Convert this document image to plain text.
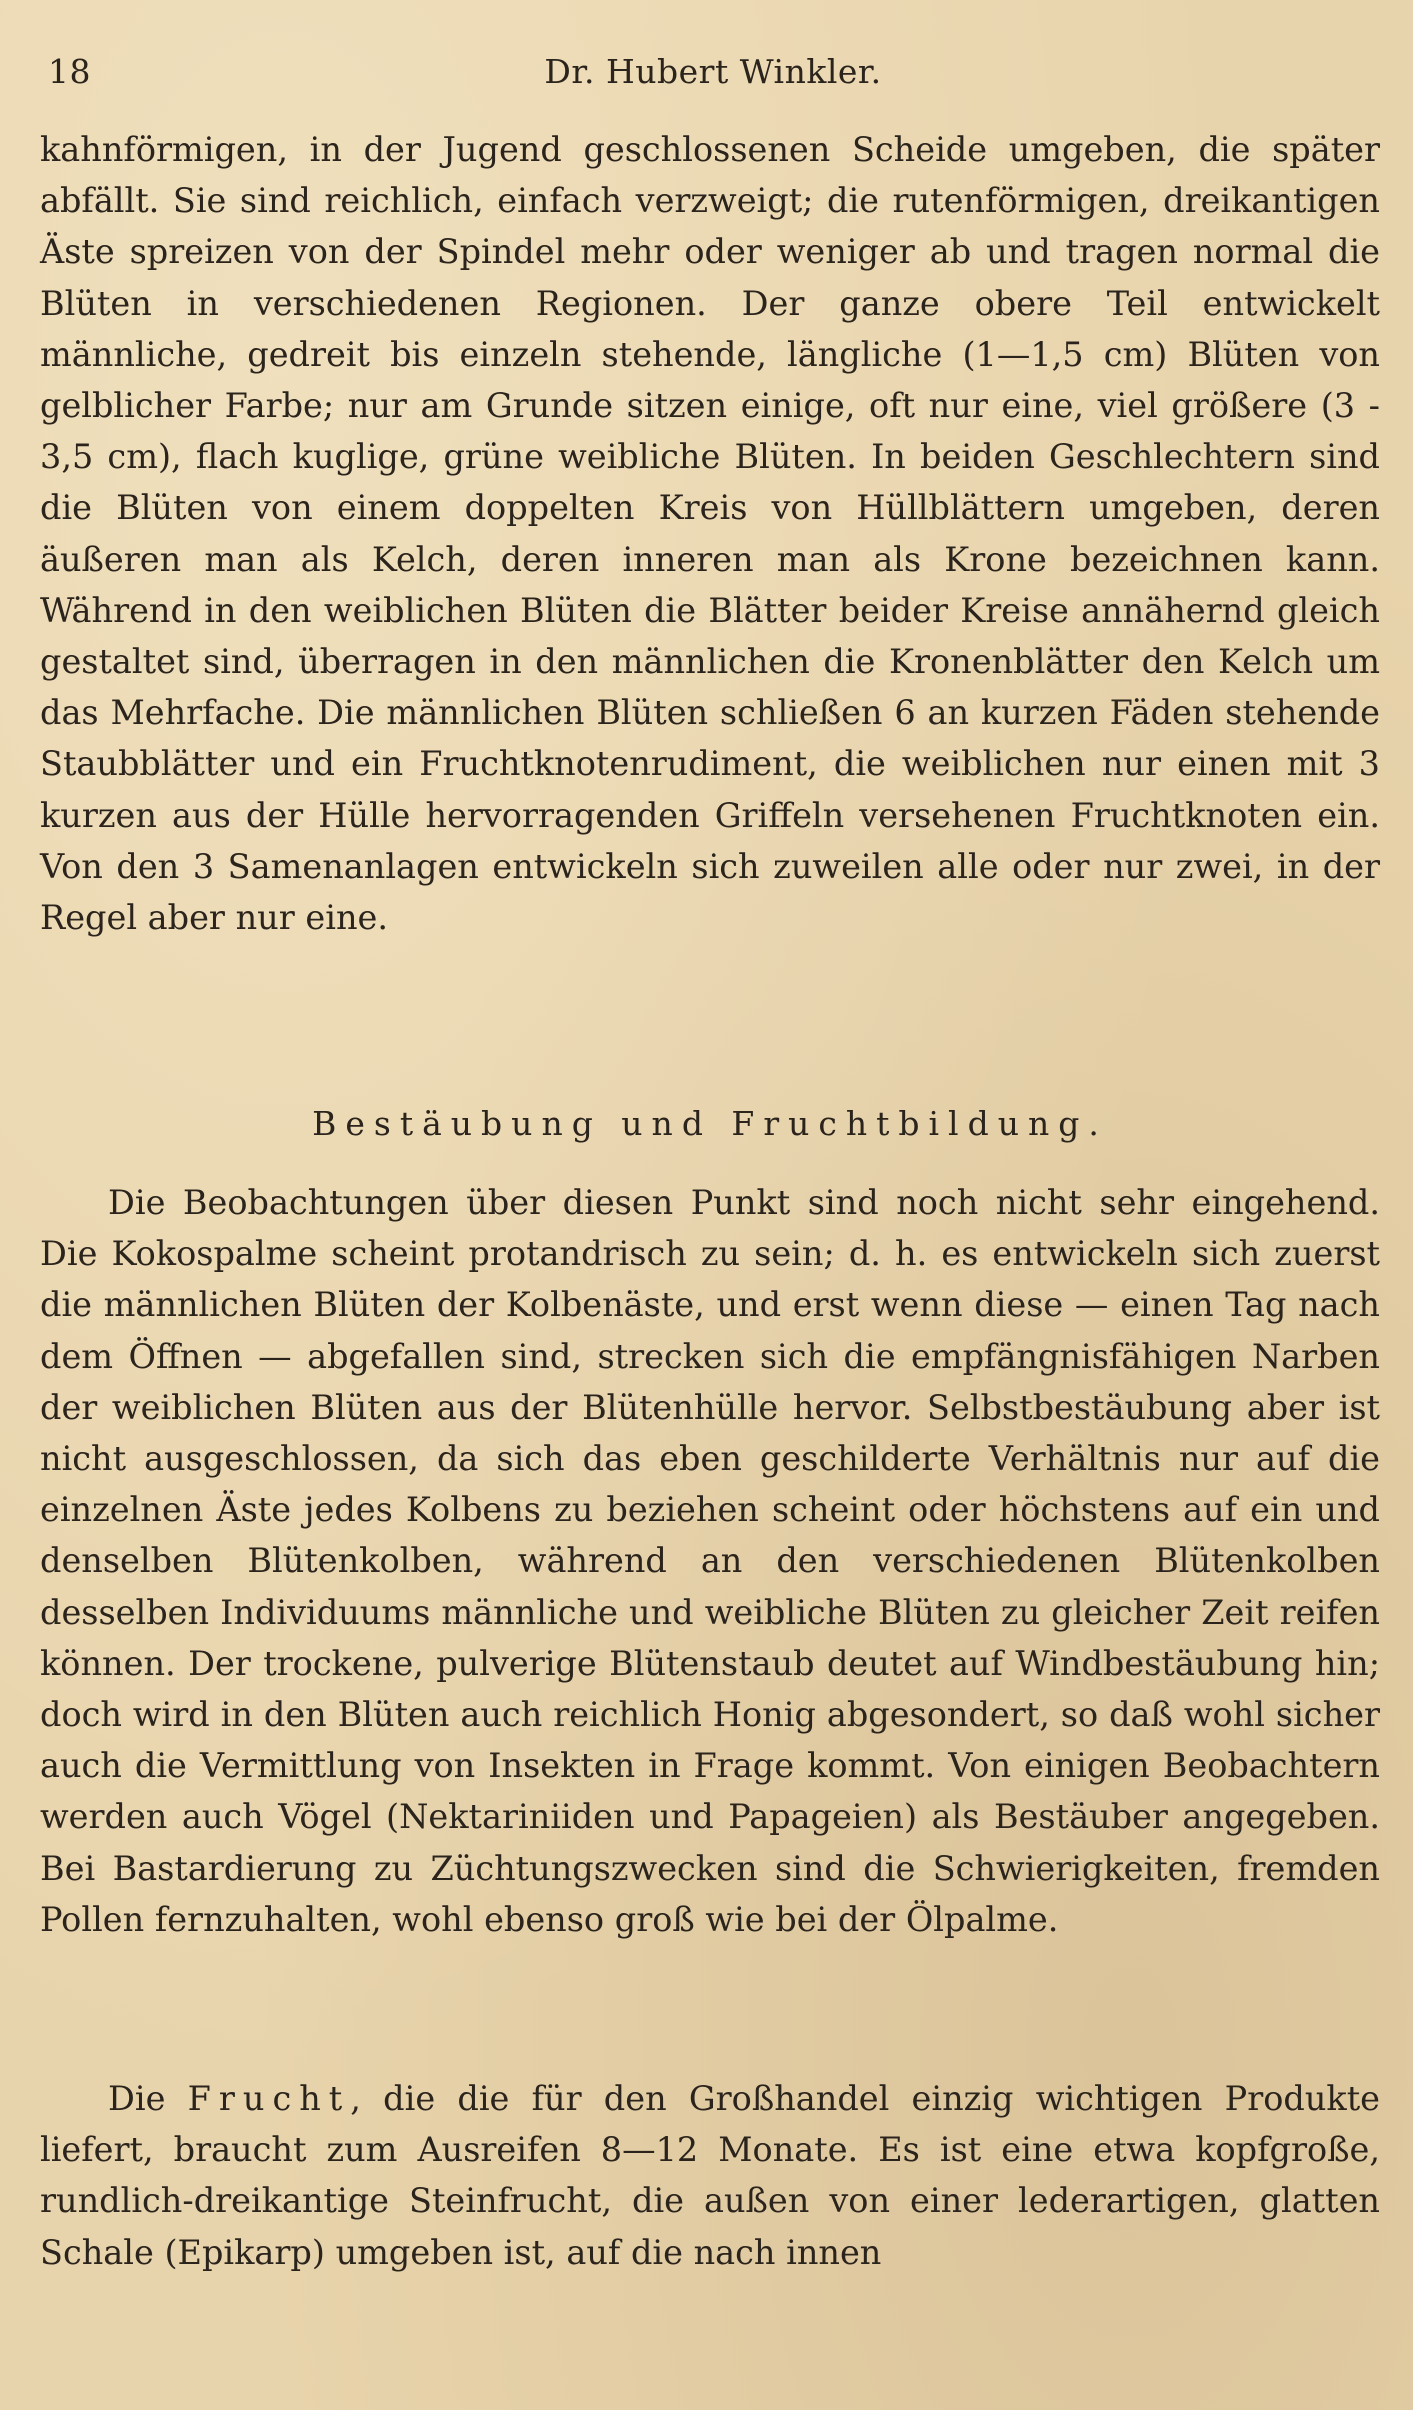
18	Dr. Hubert Winkler.

kahnförmigen, in der Jugend geschlossenen Scheide umgeben, die später abfällt. Sie sind reichlich, einfach verzweigt; die rutenförmigen, dreikantigen Äste spreizen von der Spindel mehr oder weniger ab und tragen normal die Blüten in verschiedenen Regionen. Der ganze obere Teil entwickelt männliche, gedreit bis einzeln stehende, längliche (1—1,5 cm) Blüten von gelblicher Farbe; nur am Grunde sitzen einige, oft nur eine, viel größere (3 - 3,5 cm), flach kuglige, grüne weibliche Blüten. In beiden Geschlechtern sind die Blüten von einem doppelten Kreis von Hüllblättern umgeben, deren äußeren man als Kelch, deren inneren man als Krone bezeichnen kann. Während in den weiblichen Blüten die Blätter beider Kreise annähernd gleich gestaltet sind, überragen in den männlichen die Kronenblätter den Kelch um das Mehrfache. Die männlichen Blüten schließen 6 an kurzen Fäden stehende Staubblätter und ein Fruchtknotenrudiment, die weiblichen nur einen mit 3 kurzen aus der Hülle hervorragenden Griffeln versehenen Fruchtknoten ein. Von den 3 Samenanlagen entwickeln sich zuweilen alle oder nur zwei, in der Regel aber nur eine.

Bestäubung und Fruchtbildung.

Die Beobachtungen über diesen Punkt sind noch nicht sehr eingehend. Die Kokospalme scheint protandrisch zu sein; d. h. es entwickeln sich zuerst die männlichen Blüten der Kolbenäste, und erst wenn diese — einen Tag nach dem Öffnen — abgefallen sind, strecken sich die empfängnisfähigen Narben der weiblichen Blüten aus der Blütenhülle hervor. Selbstbestäubung aber ist nicht ausgeschlossen, da sich das eben geschilderte Verhältnis nur auf die einzelnen Äste jedes Kolbens zu beziehen scheint oder höchstens auf ein und denselben Blütenkolben, während an den verschiedenen Blütenkolben desselben Individuums männliche und weibliche Blüten zu gleicher Zeit reifen können. Der trockene, pulverige Blütenstaub deutet auf Windbestäubung hin; doch wird in den Blüten auch reichlich Honig abgesondert, so daß wohl sicher auch die Vermittlung von Insekten in Frage kommt. Von einigen Beobachtern werden auch Vögel (Nektariniiden und Papageien) als Bestäuber angegeben. Bei Bastardierung zu Züchtungszwecken sind die Schwierigkeiten, fremden Pollen fernzuhalten, wohl ebenso groß wie bei der Ölpalme.

Die Frucht, die die für den Großhandel einzig wichtigen Produkte liefert, braucht zum Ausreifen 8—12 Monate. Es ist eine etwa kopfgroße, rundlich-dreikantige Steinfrucht, die außen von einer lederartigen, glatten Schale (Epikarp) umgeben ist, auf die nach innen
